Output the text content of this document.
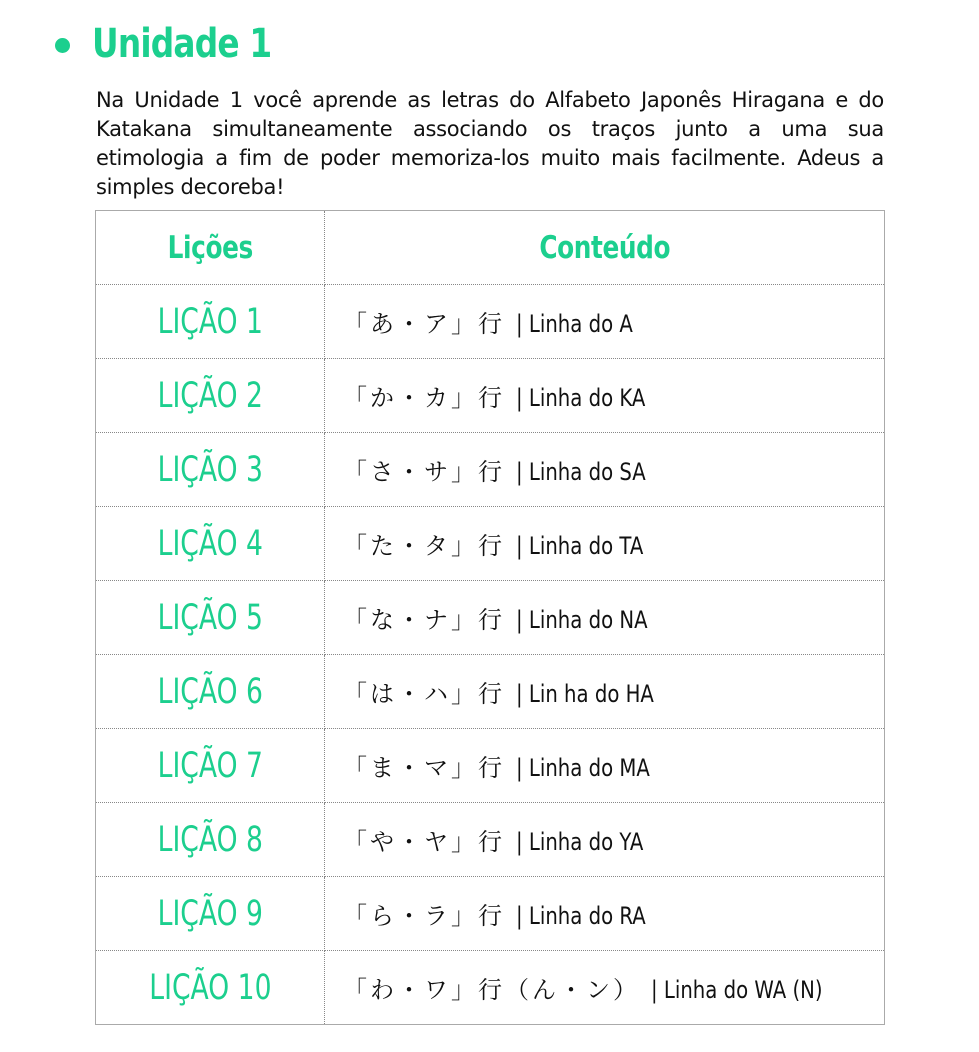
Unidade 1

Na Unidade 1 você aprende as letras do Alfabeto Japonês Hiragana e do Katakana simultaneamente associando os traços junto a uma sua etimologia a fim de poder memoriza-los muito mais facilmente. Adeus a simples decoreba!

Lições	Conteúdo
LIÇÃO 1	「あ・ア」行 | Linha do A
LIÇÃO 2	「か・カ」行 | Linha do KA
LIÇÃO 3	「さ・サ」行 | Linha do SA
LIÇÃO 4	「た・タ」行 | Linha do TA
LIÇÃO 5	「な・ナ」行 | Linha do NA
LIÇÃO 6	「は・ハ」行 | Lin ha do HA
LIÇÃO 7	「ま・マ」行 | Linha do MA
LIÇÃO 8	「や・ヤ」行 | Linha do YA
LIÇÃO 9	「ら・ラ」行 | Linha do RA
LIÇÃO 10	「わ・ワ」行（ん・ン） | Linha do WA (N)
